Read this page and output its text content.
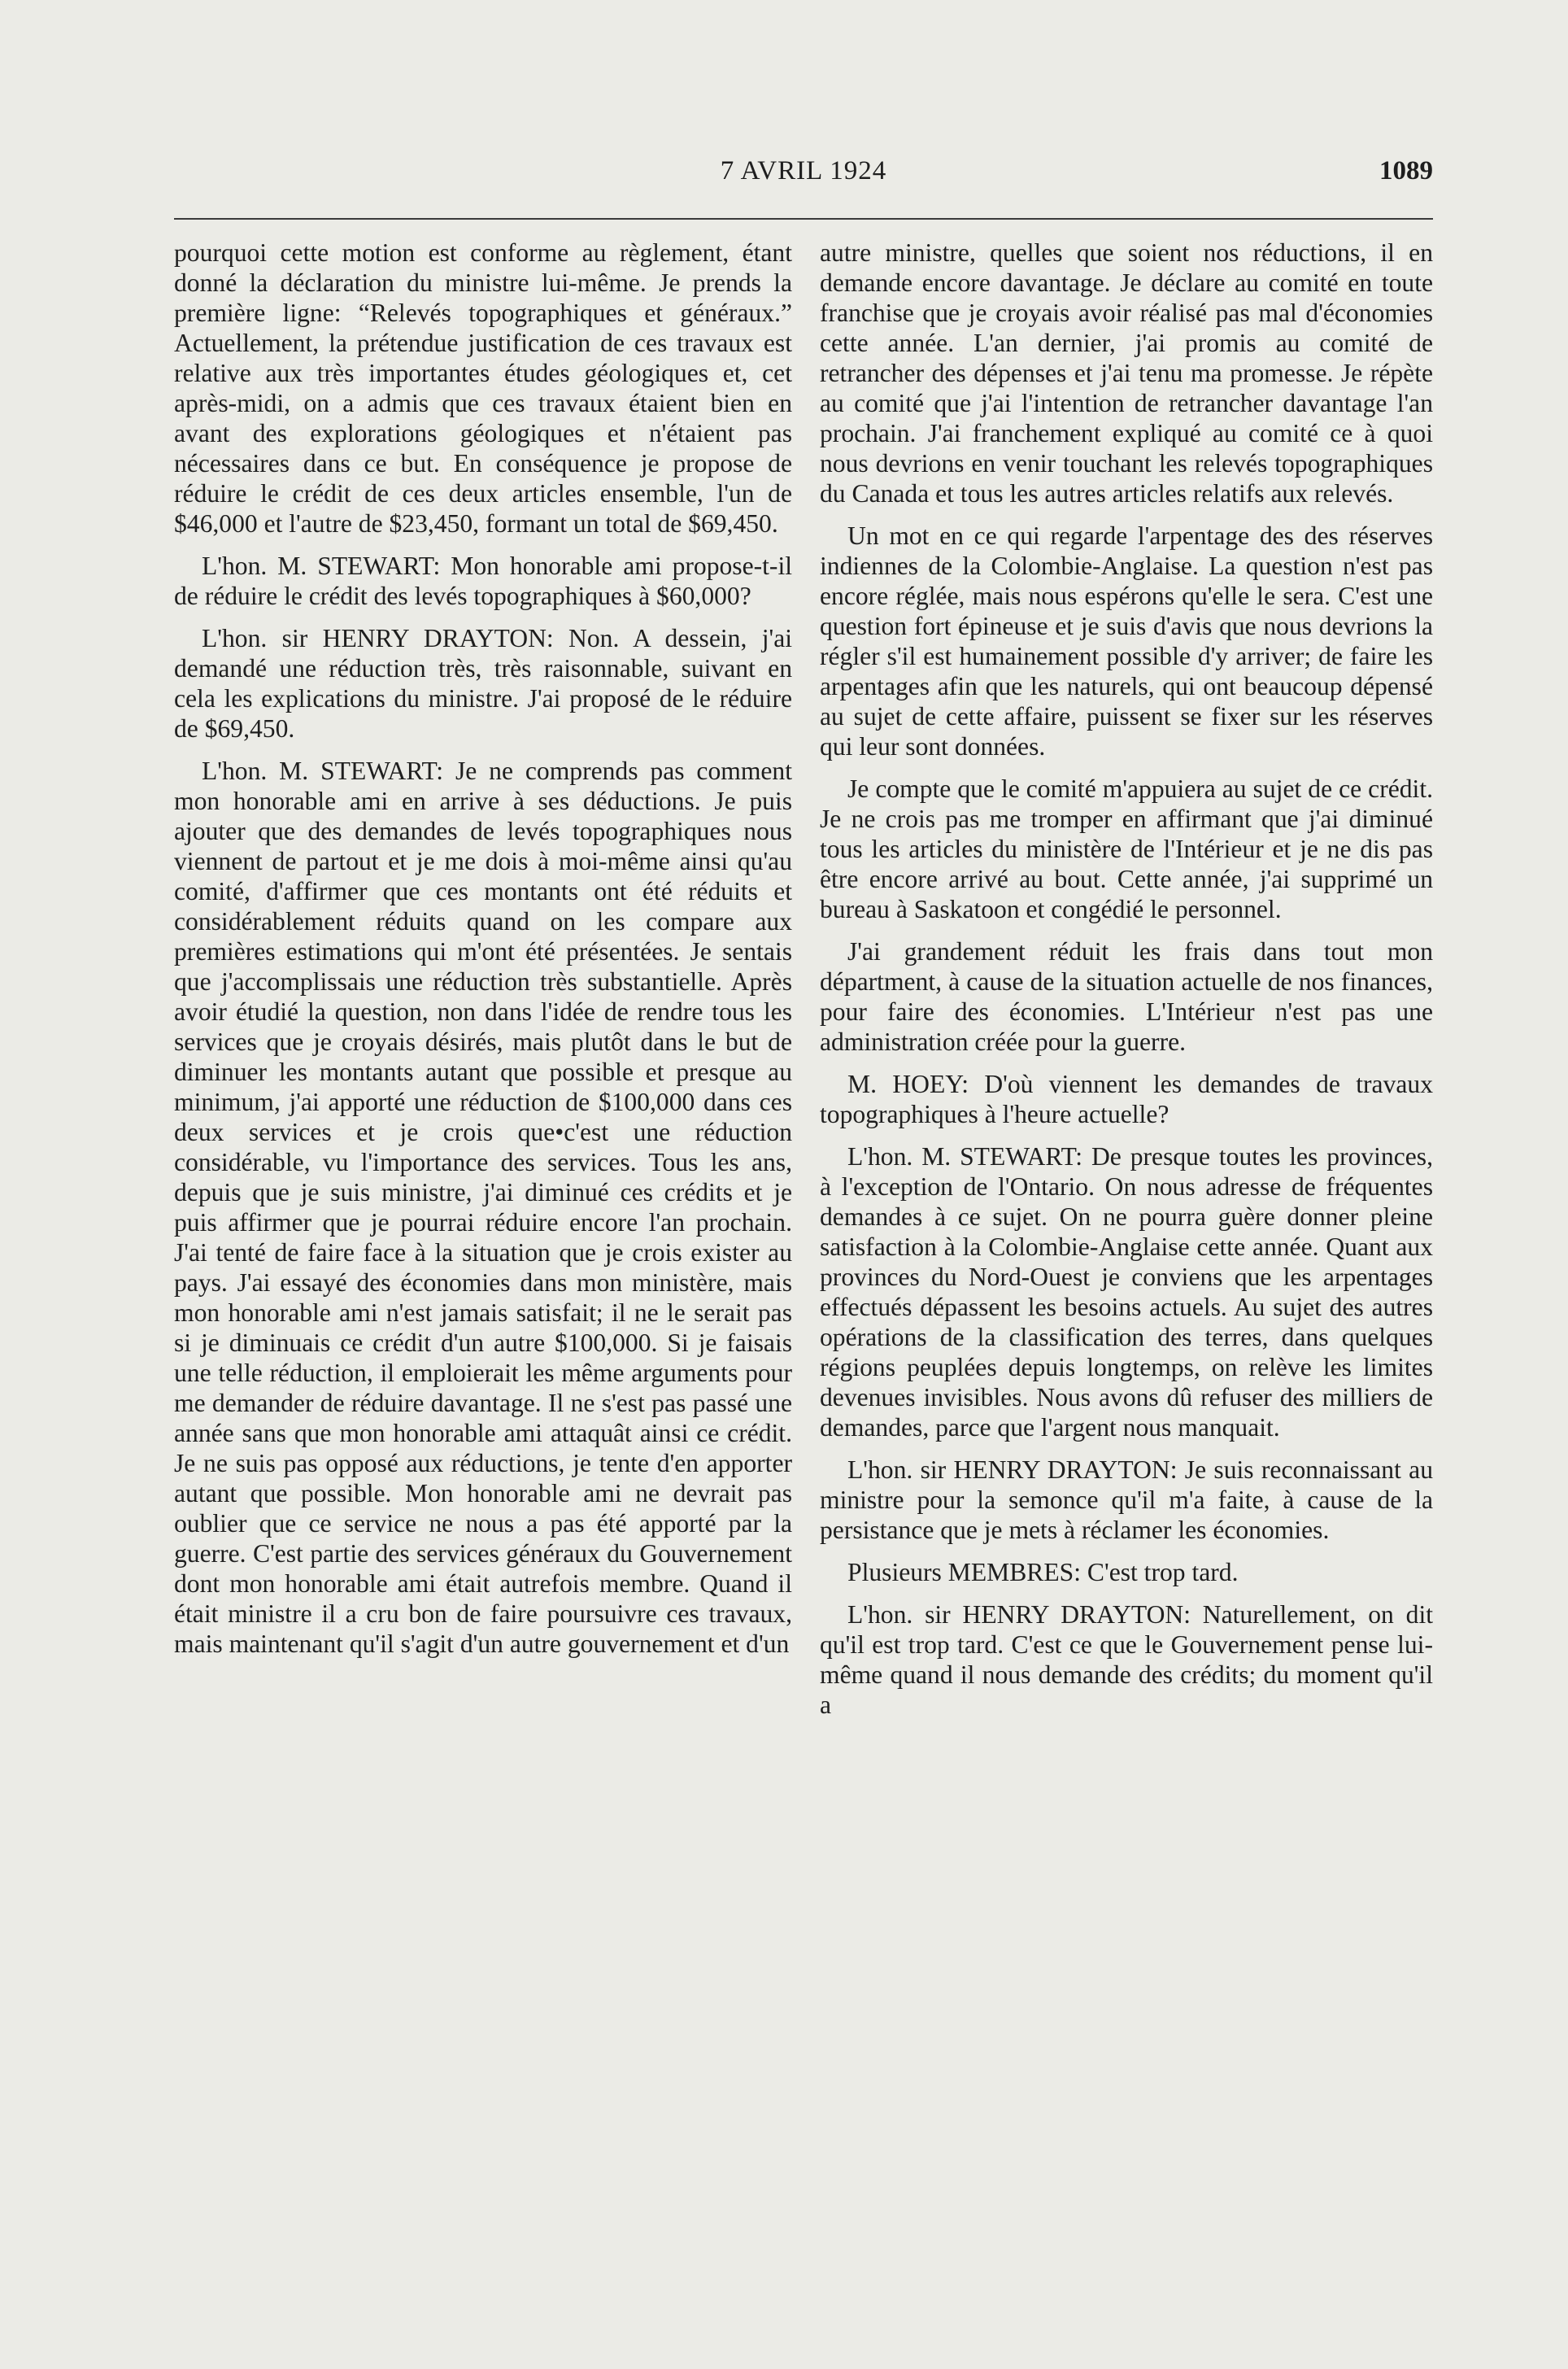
7 AVRIL 1924	1089

pourquoi cette motion est conforme au règlement, étant donné la déclaration du ministre lui-même. Je prends la première ligne: “Relevés topographiques et généraux.” Actuellement, la prétendue justification de ces travaux est relative aux très importantes études géologiques et, cet après-midi, on a admis que ces travaux étaient bien en avant des explorations géologiques et n'étaient pas nécessaires dans ce but. En conséquence je propose de réduire le crédit de ces deux articles ensemble, l'un de $46,000 et l'autre de $23,450, formant un total de $69,450.

L'hon. M. STEWART: Mon honorable ami propose-t-il de réduire le crédit des levés topographiques à $60,000?

L'hon. sir HENRY DRAYTON: Non. A dessein, j'ai demandé une réduction très, très raisonnable, suivant en cela les explications du ministre. J'ai proposé de le réduire de $69,450.

L'hon. M. STEWART: Je ne comprends pas comment mon honorable ami en arrive à ses déductions. Je puis ajouter que des demandes de levés topographiques nous viennent de partout et je me dois à moi-même ainsi qu'au comité, d'affirmer que ces montants ont été réduits et considérablement réduits quand on les compare aux premières estimations qui m'ont été présentées. Je sentais que j'accomplissais une réduction très substantielle. Après avoir étudié la question, non dans l'idée de rendre tous les services que je croyais désirés, mais plutôt dans le but de diminuer les montants autant que possible et presque au minimum, j'ai apporté une réduction de $100,000 dans ces deux services et je crois que•c'est une réduction considérable, vu l'importance des services. Tous les ans, depuis que je suis ministre, j'ai diminué ces crédits et je puis affirmer que je pourrai réduire encore l'an prochain. J'ai tenté de faire face à la situation que je crois exister au pays. J'ai essayé des économies dans mon ministère, mais mon honorable ami n'est jamais satisfait; il ne le serait pas si je diminuais ce crédit d'un autre $100,000. Si je faisais une telle réduction, il emploierait les même arguments pour me demander de réduire davantage. Il ne s'est pas passé une année sans que mon honorable ami attaquât ainsi ce crédit. Je ne suis pas opposé aux réductions, je tente d'en apporter autant que possible. Mon honorable ami ne devrait pas oublier que ce service ne nous a pas été apporté par la guerre. C'est partie des services généraux du Gouvernement dont mon honorable ami était autrefois membre. Quand il était ministre il a cru bon de faire poursuivre ces travaux, mais maintenant qu'il s'agit d'un autre gouvernement et d'un

autre ministre, quelles que soient nos réductions, il en demande encore davantage. Je déclare au comité en toute franchise que je croyais avoir réalisé pas mal d'économies cette année. L'an dernier, j'ai promis au comité de retrancher des dépenses et j'ai tenu ma promesse. Je répète au comité que j'ai l'intention de retrancher davantage l'an prochain. J'ai franchement expliqué au comité ce à quoi nous devrions en venir touchant les relevés topographiques du Canada et tous les autres articles relatifs aux relevés.

Un mot en ce qui regarde l'arpentage des des réserves indiennes de la Colombie-Anglaise. La question n'est pas encore réglée, mais nous espérons qu'elle le sera. C'est une question fort épineuse et je suis d'avis que nous devrions la régler s'il est humainement possible d'y arriver; de faire les arpentages afin que les naturels, qui ont beaucoup dépensé au sujet de cette affaire, puissent se fixer sur les réserves qui leur sont données.

Je compte que le comité m'appuiera au sujet de ce crédit. Je ne crois pas me tromper en affirmant que j'ai diminué tous les articles du ministère de l'Intérieur et je ne dis pas être encore arrivé au bout. Cette année, j'ai supprimé un bureau à Saskatoon et congédié le personnel.

J'ai grandement réduit les frais dans tout mon départment, à cause de la situation actuelle de nos finances, pour faire des économies. L'Intérieur n'est pas une administration créée pour la guerre.

M. HOEY: D'où viennent les demandes de travaux topographiques à l'heure actuelle?

L'hon. M. STEWART: De presque toutes les provinces, à l'exception de l'Ontario. On nous adresse de fréquentes demandes à ce sujet. On ne pourra guère donner pleine satisfaction à la Colombie-Anglaise cette année. Quant aux provinces du Nord-Ouest je conviens que les arpentages effectués dépassent les besoins actuels. Au sujet des autres opérations de la classification des terres, dans quelques régions peuplées depuis longtemps, on relève les limites devenues invisibles. Nous avons dû refuser des milliers de demandes, parce que l'argent nous manquait.

L'hon. sir HENRY DRAYTON: Je suis reconnaissant au ministre pour la semonce qu'il m'a faite, à cause de la persistance que je mets à réclamer les économies.

Plusieurs MEMBRES: C'est trop tard.

L'hon. sir HENRY DRAYTON: Naturellement, on dit qu'il est trop tard. C'est ce que le Gouvernement pense lui-même quand il nous demande des crédits; du moment qu'il a
